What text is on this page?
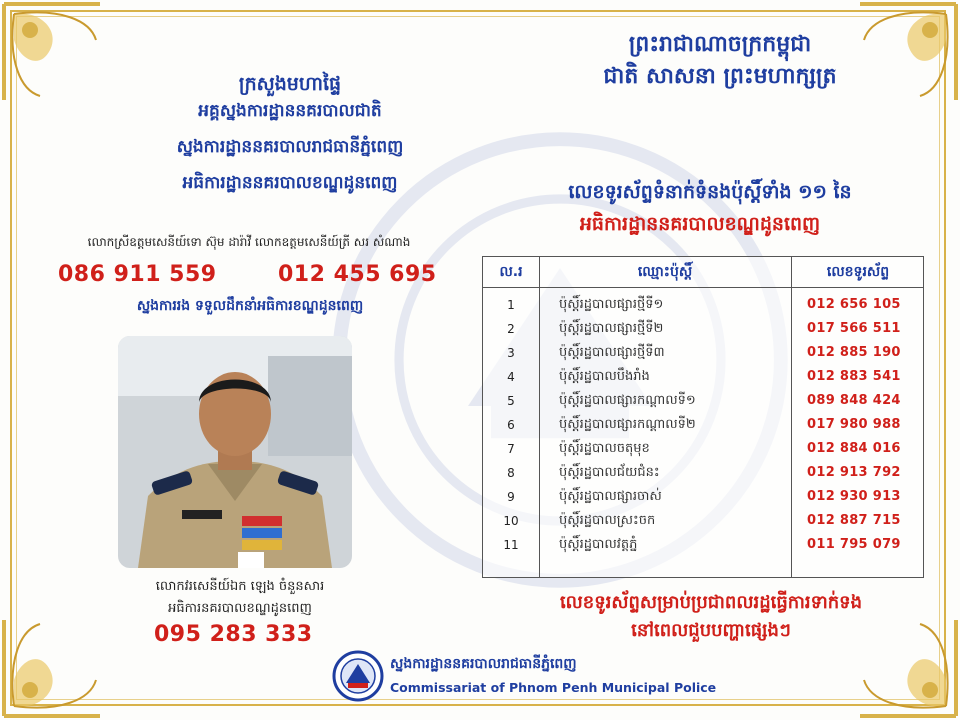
ក្រសួងមហាផ្ទៃ
អគ្គស្នងការដ្ឋាននគរបាលជាតិ
ស្នងការដ្ឋាននគរបាលរាជធានីភ្នំពេញ
អធិការដ្ឋាននគរបាលខណ្ឌដូនពេញ
លោកស្រីឧត្តមសេនីយ៍ទោ ស៊ុម ដារ៉ាវី លោកឧត្តមសេនីយ៍ត្រី សរ សំណាង
086 911 559	012 455 695
ស្នងការរង ទទួលដឹកនាំអធិការខណ្ឌដូនពេញ
លោកវរសេនីយ៍ឯក ឡេង ចំនួនសារ
អធិការនគរបាលខណ្ឌដូនពេញ
095 283 333
ព្រះរាជាណាចក្រកម្ពុជា
ជាតិ សាសនា ព្រះមហាក្សត្រ
លេខទូរស័ព្ទទំនាក់ទំនងប៉ុស្តិ៍ទាំង ១១ នៃ
អធិការដ្ឋាននគរបាលខណ្ឌដូនពេញ
ល.រ	ឈ្មោះប៉ុស្តិ៍	លេខទូរស័ព្ទ
1	ប៉ុស្តិ៍រដ្ឋបាលផ្សារថ្មីទី១	012 656 105
2	ប៉ុស្តិ៍រដ្ឋបាលផ្សារថ្មីទី២	017 566 511
3	ប៉ុស្តិ៍រដ្ឋបាលផ្សារថ្មីទី៣	012 885 190
4	ប៉ុស្តិ៍រដ្ឋបាលបឹងរាំង	012 883 541
5	ប៉ុស្តិ៍រដ្ឋបាលផ្សារកណ្ដាលទី១	089 848 424
6	ប៉ុស្តិ៍រដ្ឋបាលផ្សារកណ្ដាលទី២	017 980 988
7	ប៉ុស្តិ៍រដ្ឋបាលចតុមុខ	012 884 016
8	ប៉ុស្តិ៍រដ្ឋបាលជ័យជំនះ	012 913 792
9	ប៉ុស្តិ៍រដ្ឋបាលផ្សារចាស់	012 930 913
10	ប៉ុស្តិ៍រដ្ឋបាលស្រះចក	012 887 715
11	ប៉ុស្តិ៍រដ្ឋបាលវត្តភ្នំ	011 795 079
លេខទូរស័ព្ទសម្រាប់ប្រជាពលរដ្ឋធ្វើការទាក់ទង
នៅពេលជួបបញ្ហាផ្សេងៗ
ស្នងការដ្ឋាននគរបាលរាជធានីភ្នំពេញ
Commissariat of Phnom Penh Municipal Police
